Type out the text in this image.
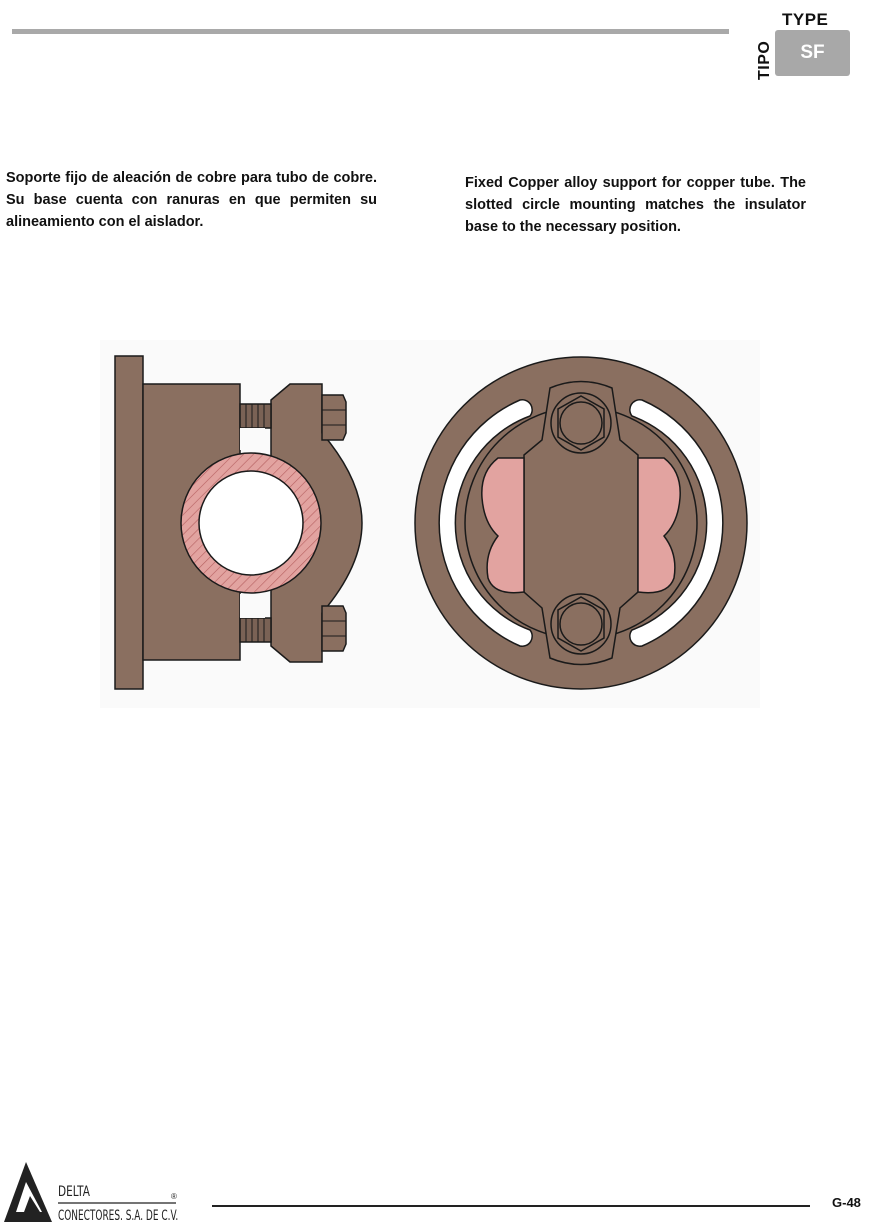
TYPE
TIPO SF
Soporte fijo de aleación de cobre para tubo de cobre. Su base cuenta con ranuras en que permiten su alineamiento con el aislador.
Fixed Copper alloy support for copper tube. The slotted circle mounting matches the insulator base to the necessary position.
DELTA
CONECTORES. S.A. DE C.V.
®	G-48
